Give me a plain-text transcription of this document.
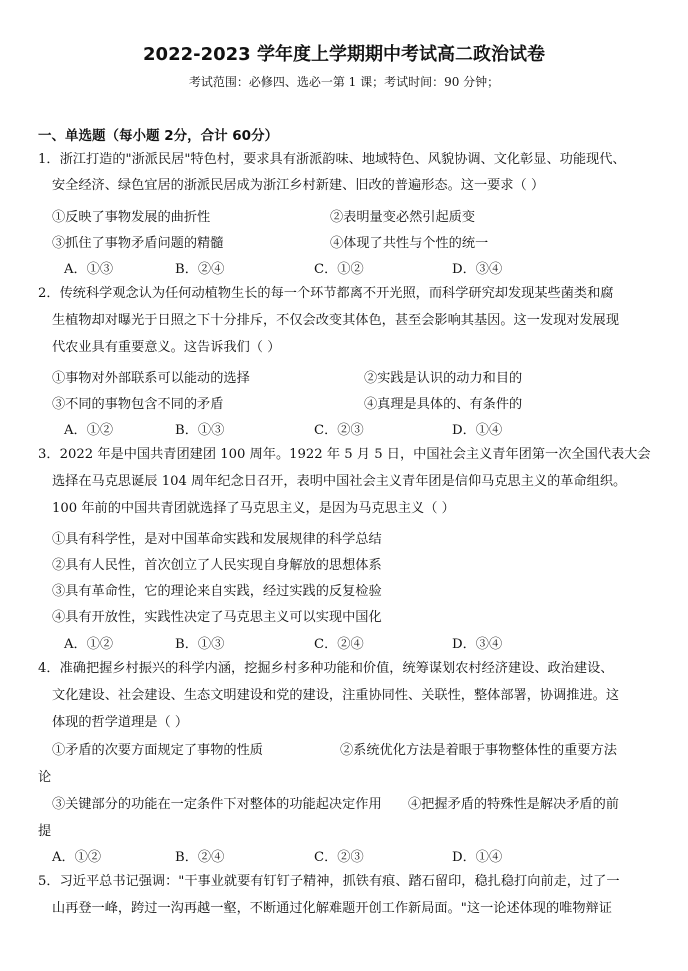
2022-2023 学年度上学期期中考试高二政治试卷
考试范围：必修四、选必一第 1 课；考试时间：90 分钟；
一、单选题（每小题 2分，合计 60分）
1．浙江打造的"浙派民居"特色村，要求具有浙派韵味、地域特色、风貌协调、文化彰显、功能现代、
安全经济、绿色宜居的浙派民居成为浙江乡村新建、旧改的普遍形态。这一要求（ ）
①反映了事物发展的曲折性	②表明量变必然引起质变
③抓住了事物矛盾问题的精髓	④体现了共性与个性的统一
A．①③	B．②④	C．①②	D．③④
2．传统科学观念认为任何动植物生长的每一个环节都离不开光照，而科学研究却发现某些菌类和腐
生植物却对曝光于日照之下十分排斥，不仅会改变其体色，甚至会影响其基因。这一发现对发展现
代农业具有重要意义。这告诉我们（ ）
①事物对外部联系可以能动的选择	②实践是认识的动力和目的
③不同的事物包含不同的矛盾	④真理是具体的、有条件的
A．①②	B．①③	C．②③	D．①④
3．2022 年是中国共青团建团 100 周年。1922 年 5 月 5 日，中国社会主义青年团第一次全国代表大会
选择在马克思诞辰 104 周年纪念日召开，表明中国社会主义青年团是信仰马克思主义的革命组织。
100 年前的中国共青团就选择了马克思主义，是因为马克思主义（ ）
①具有科学性，是对中国革命实践和发展规律的科学总结
②具有人民性，首次创立了人民实现自身解放的思想体系
③具有革命性，它的理论来自实践，经过实践的反复检验
④具有开放性，实践性决定了马克思主义可以实现中国化
A．①②	B．①③	C．②④	D．③④
4．准确把握乡村振兴的科学内涵，挖掘乡村多种功能和价值，统筹谋划农村经济建设、政治建设、
文化建设、社会建设、生态文明建设和党的建设，注重协同性、关联性，整体部署，协调推进。这
体现的哲学道理是（ ）
①矛盾的次要方面规定了事物的性质	②系统优化方法是着眼于事物整体性的重要方法
论
③关键部分的功能在一定条件下对整体的功能起决定作用 ④把握矛盾的特殊性是解决矛盾的前
提
A．①②	B．②④	C．②③	D．①④
5．习近平总书记强调："干事业就要有钉钉子精神，抓铁有痕、踏石留印，稳扎稳打向前走，过了一
山再登一峰，跨过一沟再越一壑，不断通过化解难题开创工作新局面。"这一论述体现的唯物辩证
